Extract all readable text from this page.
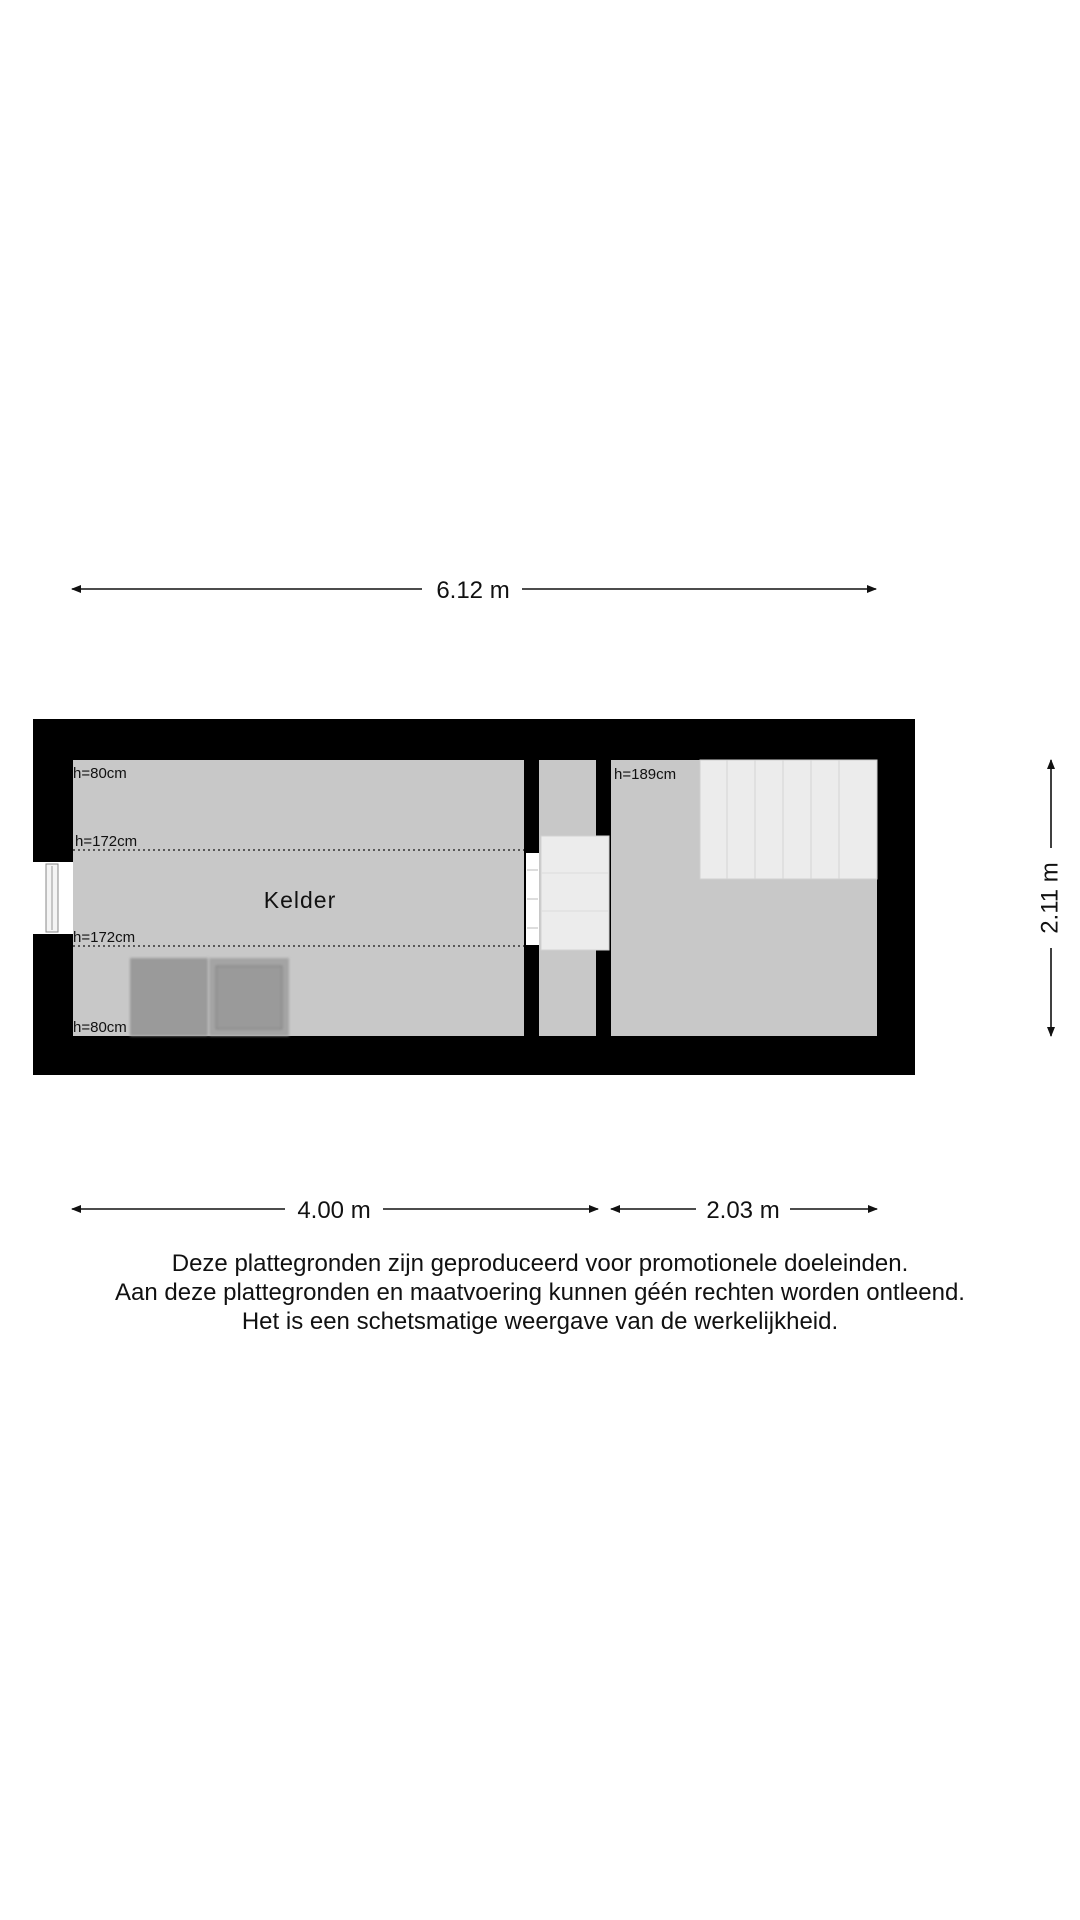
6.12 m
h=80cm
h=172cm
h=172cm
h=80cm
h=189cm
Kelder	2.11 m
4.00 m	2.03 m
Deze plattegronden zijn geproduceerd voor promotionele doeleinden.
Aan deze plattegronden en maatvoering kunnen géén rechten worden ontleend.
Het is een schetsmatige weergave van de werkelijkheid.
